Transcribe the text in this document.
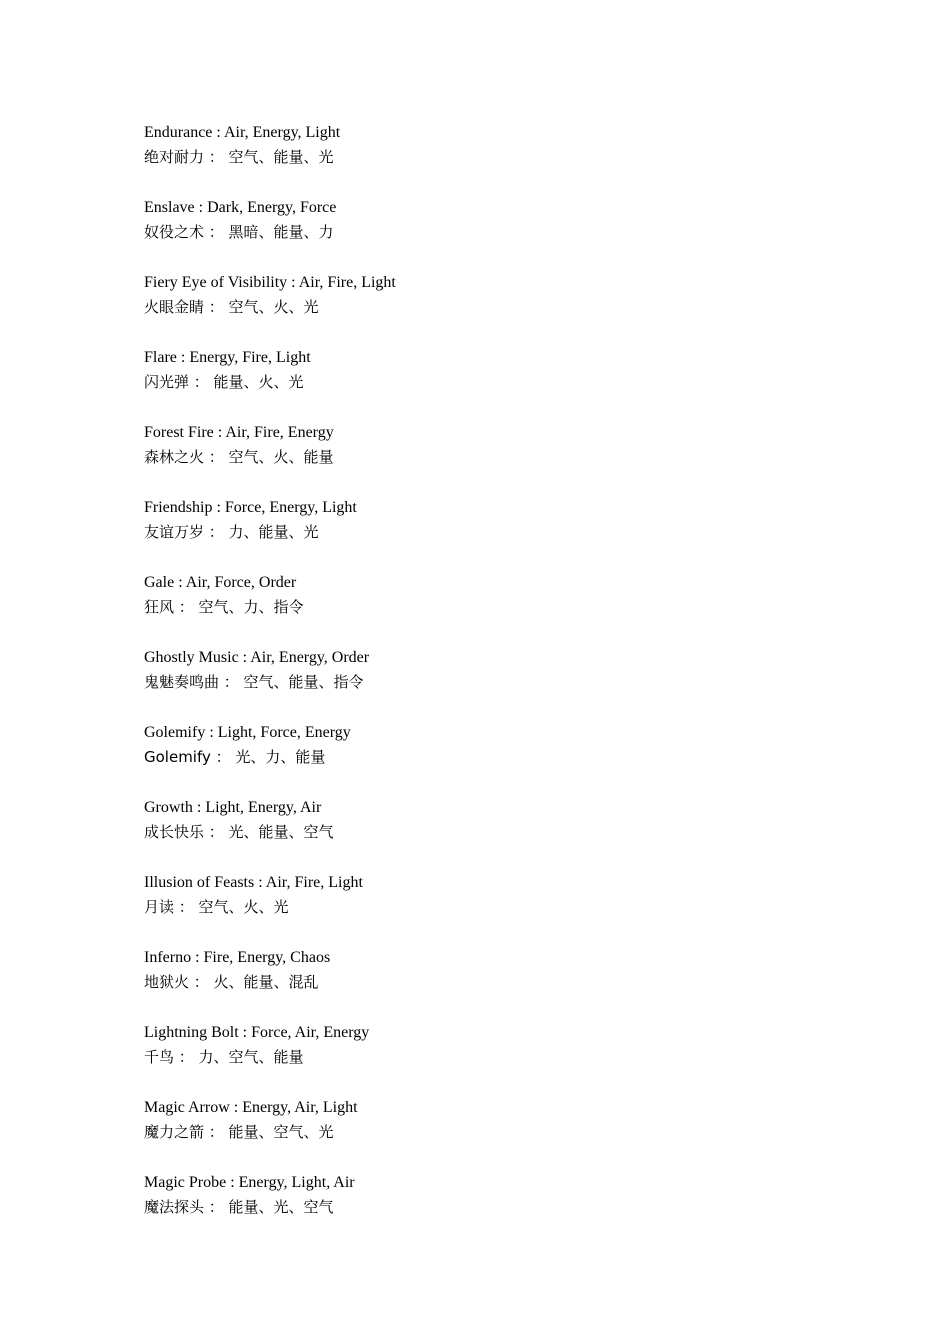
Endurance : Air, Energy, Light
绝对耐力 ： 空气、能量、光
Enslave : Dark, Energy, Force
奴役之术 ： 黑暗、能量、力
Fiery Eye of Visibility : Air, Fire, Light
火眼金睛 ： 空气、火、光
Flare : Energy, Fire, Light
闪光弹 ： 能量、火、光
Forest Fire : Air, Fire, Energy
森林之火 ： 空气、火、能量
Friendship : Force, Energy, Light
友谊万岁 ： 力、能量、光
Gale : Air, Force, Order
狂风 ： 空气、力、指令
Ghostly Music : Air, Energy, Order
鬼魅奏鸣曲 ： 空气、能量、指令
Golemify : Light, Force, Energy
Golemify ： 光、力、能量
Growth : Light, Energy, Air
成长快乐 ： 光、能量、空气
Illusion of Feasts : Air, Fire, Light
月读 ： 空气、火、光
Inferno : Fire, Energy, Chaos
地狱火 ： 火、能量、混乱
Lightning Bolt : Force, Air, Energy
千鸟 ： 力、空气、能量
Magic Arrow : Energy, Air, Light
魔力之箭 ： 能量、空气、光
Magic Probe : Energy, Light, Air
魔法探头 ： 能量、光、空气
